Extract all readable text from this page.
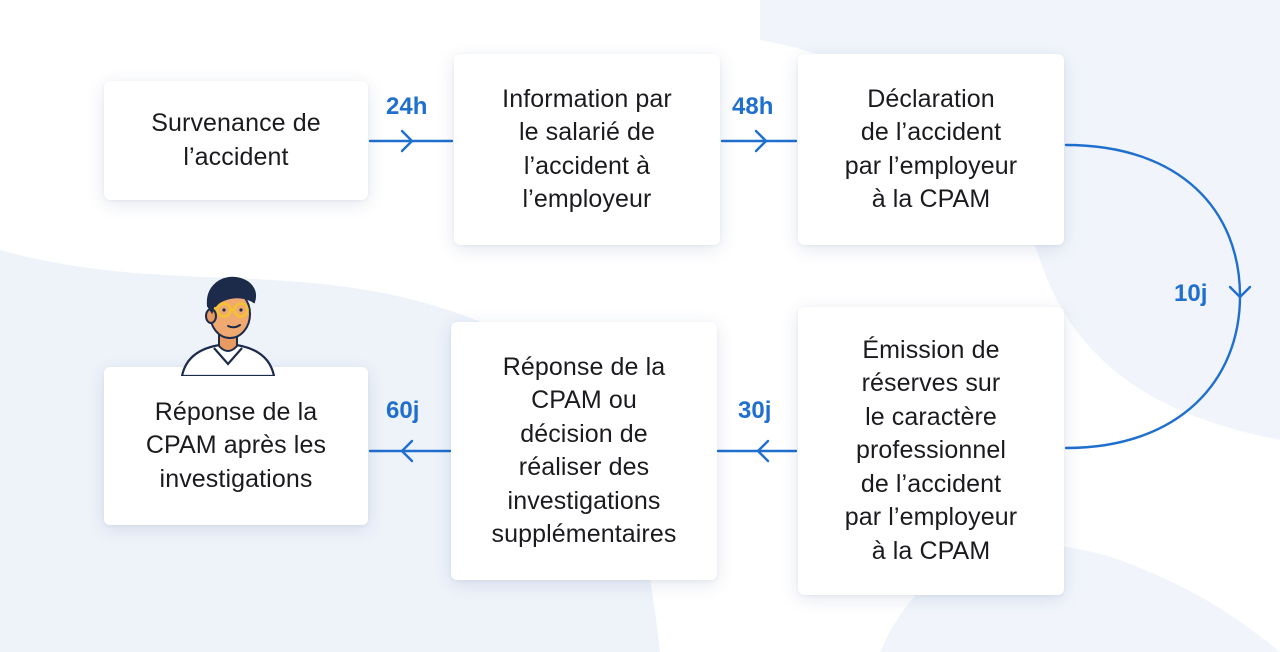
24h	48h
10j
30j
60j
Survenance de
l’accident
Information par
le salarié de
l’accident à
l’employeur
Déclaration
de l’accident
par l’employeur
à la CPAM
Émission de
réserves sur
le caractère
professionnel
de l’accident
par l’employeur
à la CPAM
Réponse de la
CPAM ou
décision de
réaliser des
investigations
supplémentaires
Réponse de la
CPAM après les
investigations
